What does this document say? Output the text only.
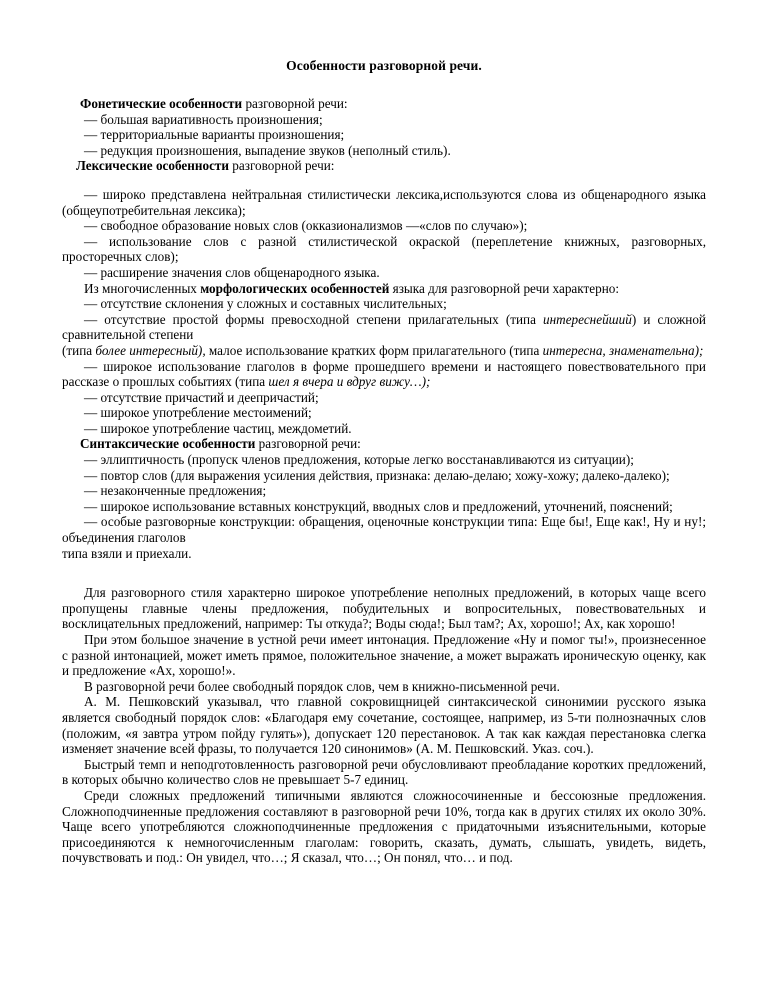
Особенности разговорной речи.

Фонетические особенности разговорной речи:

— большая вариативность произношения;

— территориальные варианты произношения;

— редукция произношения, выпадение звуков (неполный стиль).

Лексические особенности разговорной речи:

— широко представлена нейтральная стилистически лексика,используются слова из общенародного языка (общеупотребительная лексика);

— свободное образование новых слов (окказионализмов —«слов по случаю»);

— использование слов с разной стилистической окраской (переплетение книжных, разговорных, просторечных слов);

— расширение значения слов общенародного языка.

Из многочисленных морфологических особенностей языка для разговорной речи характерно:

— отсутствие склонения у сложных и составных числительных;

— отсутствие простой формы превосходной степени прилагательных (типа интереснейший) и сложной сравнительной степени

(типа более интересный), малое использование кратких форм прилагательного (типа интересна, знаменательна);

— широкое использование глаголов в форме прошедшего времени и настоящего повествовательного при рассказе о прошлых событиях (типа шел я вчера и вдруг вижу…);

— отсутствие причастий и деепричастий;

— широкое употребление местоимений;

— широкое употребление частиц, междометий.

Синтаксические особенности разговорной речи:

— эллиптичность (пропуск членов предложения, которые легко восстанавливаются из ситуации);

— повтор слов (для выражения усиления действия, признака: делаю-делаю; хожу-хожу; далеко-далеко);

— незаконченные предложения;

— широкое использование вставных конструкций, вводных слов и предложений, уточнений, пояснений;

— особые разговорные конструкции: обращения, оценочные конструкции типа: Еще бы!, Еще как!, Ну и ну!; объединения глаголов

типа взяли и приехали.

Для разговорного стиля характерно широкое употребление неполных предложений, в которых чаще всего пропущены главные члены предложения, побудительных и вопросительных, повествовательных и восклицательных предложений, например: Ты откуда?; Воды сюда!; Был там?; Ах, хорошо!; Ах, как хорошо!

При этом большое значение в устной речи имеет интонация. Предложение «Ну и помог ты!», произнесенное с разной интонацией, может иметь прямое, положительное значение, а может выражать ироническую оценку, как и предложение «Ах, хорошо!».

В разговорной речи более свободный порядок слов, чем в книжно-письменной речи.

А. М. Пешковский указывал, что главной сокровищницей синтаксической синонимии русского языка является свободный порядок слов: «Благодаря ему сочетание, состоящее, например, из 5-ти полнозначных слов (положим, «я завтра утром пойду гулять»), допускает 120 перестановок. А так как каждая перестановка слегка изменяет значение всей фразы, то получается 120 синонимов» (А. М. Пешковский. Указ. соч.).

Быстрый темп и неподготовленность разговорной речи обусловливают преобладание коротких предложений, в которых обычно количество слов не превышает 5-7 единиц.

Среди сложных предложений типичными являются сложносочиненные и бессоюзные предложения. Сложноподчиненные предложения составляют в разговорной речи 10%, тогда как в других стилях их около 30%. Чаще всего употребляются сложноподчиненные предложения с придаточными изъяснительными, которые присоединяются к немногочисленным глаголам: говорить, сказать, думать, слышать, увидеть, видеть, почувствовать и под.: Он увидел, что…; Я сказал, что…; Он понял, что… и под.
